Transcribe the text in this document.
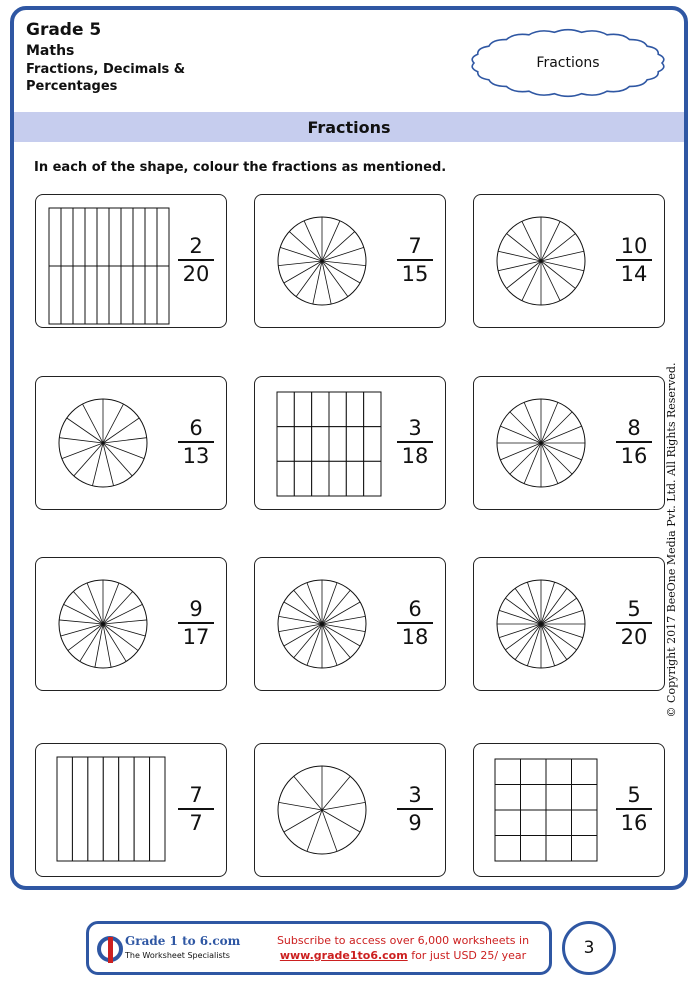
Grade 5
Maths
Fractions, Decimals &
Percentages
Fractions
Fractions
In each of the shape, colour the fractions as mentioned.
2
20
7
15
10
14
6
13
3
18
8
16
9
17
6
18
5
20
7
7
3
9
5
16
© Copyright 2017 BeeOne Media Pvt. Ltd. All Rights Reserved.
Grade 1 to 6.com
The Worksheet Specialists
Subscribe to access over 6,000 worksheets in
www.grade1to6.com for just USD 25/ year	3
